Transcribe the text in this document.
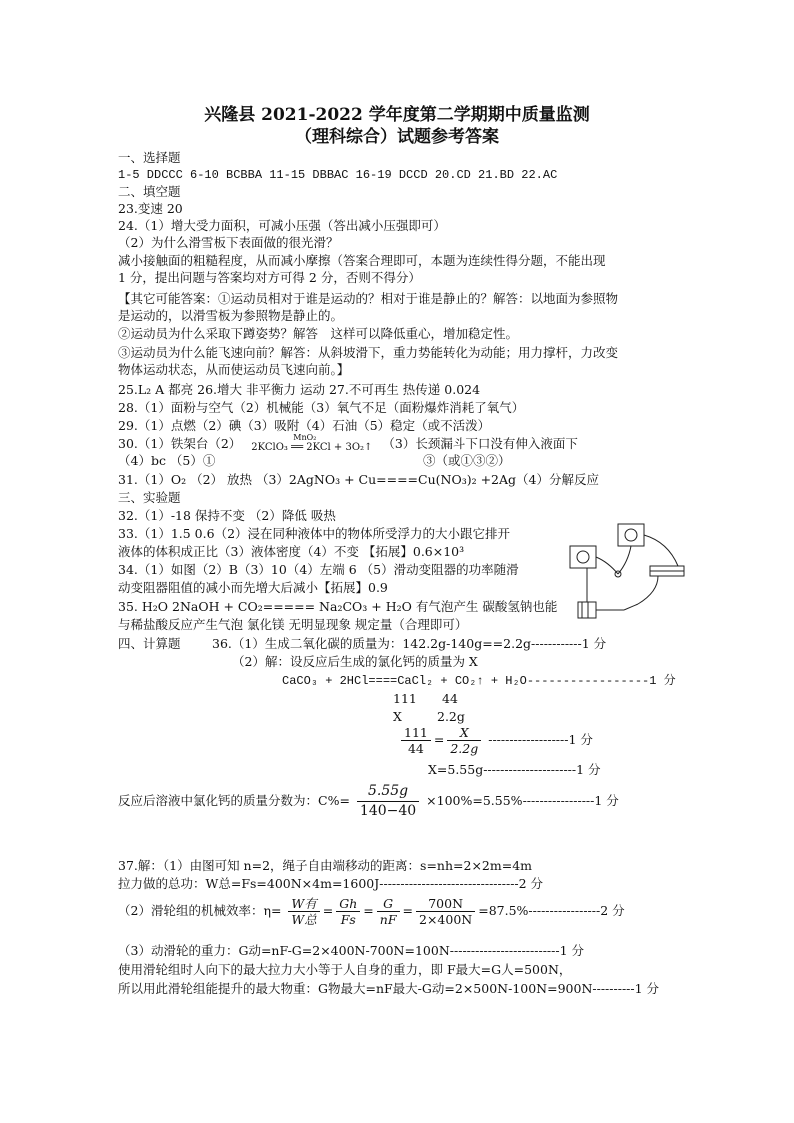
兴隆县 2021-2022 学年度第二学期期中质量监测
（理科综合）试题参考答案
一、选择题
1-5 DDCCC 6-10 BCBBA 11-15 DBBAC 16-19 DCCD 20.CD 21.BD 22.AC
二、填空题
23.变速 20
24.（1）增大受力面积，可减小压强（答出减小压强即可）
（2）为什么滑雪板下表面做的很光滑？
减小接触面的粗糙程度，从而减小摩擦（答案合理即可，本题为连续性得分题，不能出现
1 分，提出问题与答案均对方可得 2 分，否则不得分）
【其它可能答案：①运动员相对于谁是运动的？相对于谁是静止的？解答：以地面为参照物
是运动的，以滑雪板为参照物是静止的。
②运动员为什么采取下蹲姿势？解答　这样可以降低重心，增加稳定性。
③运动员为什么能飞速向前？解答：从斜坡滑下，重力势能转化为动能；用力撑杆，力改变
物体运动状态，从而使运动员飞速向前。】
25.L₂ A 都亮 26.增大 非平衡力 运动 27.不可再生 热传递 0.024
28.（1）面粉与空气（2）机械能（3）氧气不足（面粉爆炸消耗了氧气）
29.（1）点燃（2）碘（3）吸附（4）石油（5）稳定（或不活泼）
30.（1）铁架台（2）	MnO₂
2KClO₃ ══ 2KCl + 3O₂↑ （3）长颈漏斗下口没有伸入液面下
（4）bc （5）①	③（或①③②）
31.（1）O₂ （2） 放热 （3）2AgNO₃ + Cu====Cu(NO₃)₂ +2Ag（4）分解反应
三、实验题
32.（1）-18 保持不变 （2）降低 吸热
33.（1）1.5 0.6（2）浸在同种液体中的物体所受浮力的大小跟它排开
液体的体积成正比（3）液体密度（4）不变 【拓展】0.6×10³
34.（1）如图（2）B（3）10（4）左端 6 （5）滑动变阻器的功率随滑
动变阻器阻值的减小而先增大后减小【拓展】0.9
35. H₂O 2NaOH + CO₂===== Na₂CO₃ + H₂O 有气泡产生 碳酸氢钠也能
与稀盐酸反应产生气泡 氯化镁 无明显现象 规定量（合理即可）
四、计算题	36.（1）生成二氧化碳的质量为：142.2g-140g==2.2g------------1 分
（2）解：设反应后生成的氯化钙的质量为 X
CaCO₃ + 2HCl====CaCl₂ + CO₂↑ + H₂O-----------------1 分
111 44
X	2.2g
$\frac{111}{44} = \frac{X}{2.2g} -------------------1$ 分
X=5.55g----------------------1 分
反应后溶液中氯化钙的质量分数为：$C\%= \frac{5.55g}{140-40} \times 100\%=5.55\%-----------------1$ 分
37.解：（1）由图可知 n=2，绳子自由端移动的距离：s=nh=2×2m=4m
拉力做的总功：W总=Fs=400N×4m=1600J---------------------------------2 分
（2）滑轮组的机械效率：$\eta= \frac{\text{W有}}{\text{W总}} = \frac{Gh}{Fs} = \frac{G}{nF} = \frac{700N}{2\times 400N} =87.5\%-----------------2$ 分
（3）动滑轮的重力：G动=nF-G=2×400N-700N=100N--------------------------1 分
使用滑轮组时人向下的最大拉力大小等于人自身的重力，即 F最大=G人=500N，
所以用此滑轮组能提升的最大物重：G物最大=nF最大-G动=2×500N-100N=900N----------1 分
